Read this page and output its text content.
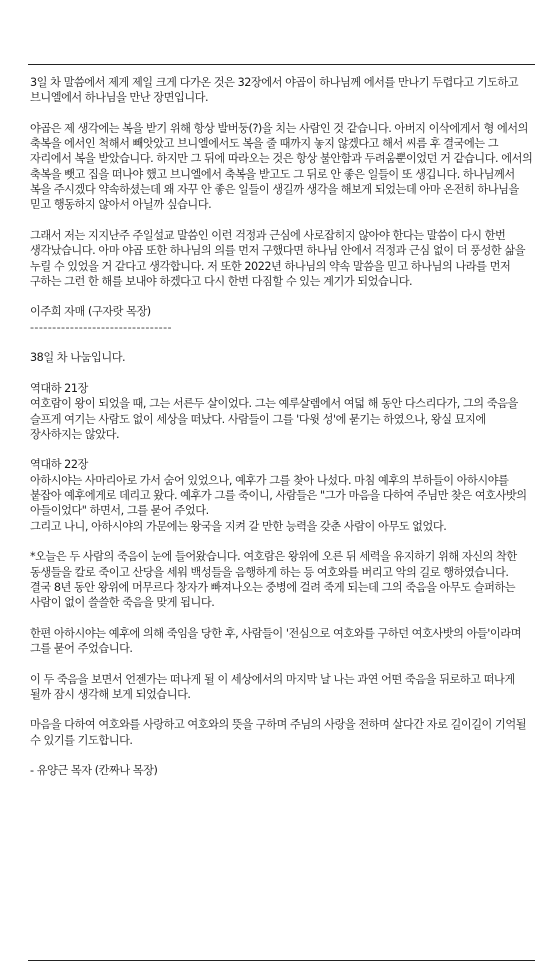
3일 차 말씀에서 제게 제일 크게 다가온 것은 32장에서 야곱이 하나님께 에서를 만나기 두렵다고 기도하고 브니엘에서 하나님을 만난 장면입니다.

야곱은 제 생각에는 복을 받기 위해 항상 발버둥(?)을 치는 사람인 것 같습니다. 아버지 이삭에게서 형 에서의 축복을 에서인 척해서 빼앗았고 브니엘에서도 복을 줄 때까지 놓지 않겠다고 해서 씨름 후 결국에는 그 자리에서 복을 받았습니다. 하지만 그 뒤에 따라오는 것은 항상 불안함과 두려움뿐이었던 거 같습니다. 에서의 축복을 뺏고 집을 떠나야 했고 브니엘에서 축복을 받고도 그 뒤로 안 좋은 일들이 또 생깁니다. 하나님께서 복을 주시겠다 약속하셨는데 왜 자꾸 안 좋은 일들이 생길까 생각을 해보게 되었는데 아마 온전히 하나님을 믿고 행동하지 않아서 아닐까 싶습니다.

그래서 저는 지지난주 주일설교 말씀인 이런 걱정과 근심에 사로잡히지 않아야 한다는 말씀이 다시 한번 생각났습니다. 아마 야곱 또한 하나님의 의를 먼저 구했다면 하나님 안에서 걱정과 근심 없이 더 풍성한 삶을 누릴 수 있었을 거 같다고 생각합니다. 저 또한 2022년 하나님의 약속 말씀을 믿고 하나님의 나라를 먼저 구하는 그런 한 해를 보내야 하겠다고 다시 한번 다짐할 수 있는 계기가 되었습니다.

이주희 자매 (구자랏 목장)

--------------------------------

38일 차 나눔입니다.

역대하 21장

여호람이 왕이 되었을 때, 그는 서른두 살이었다. 그는 예루살렘에서 여덟 해 동안 다스리다가, 그의 죽음을 슬프게 여기는 사람도 없이 세상을 떠났다. 사람들이 그를 '다윗 성'에 묻기는 하였으나, 왕실 묘지에 장사하지는 않았다.

역대하 22장

아하시야는 사마리아로 가서 숨어 있었으나, 예후가 그를 찾아 나섰다. 마침 예후의 부하들이 아하시야를 붙잡아 예후에게로 데리고 왔다. 예후가 그를 죽이니, 사람들은 "그가 마음을 다하여 주님만 찾은 여호사밧의 아들이었다" 하면서, 그를 묻어 주었다.

그리고 나니, 아하시야의 가문에는 왕국을 지켜 갈 만한 능력을 갖춘 사람이 아무도 없었다.

*오늘은 두 사람의 죽음이 눈에 들어왔습니다. 여호람은 왕위에 오른 뒤 세력을 유지하기 위해 자신의 착한 동생들을 칼로 죽이고 산당을 세워 백성들을 음행하게 하는 등 여호와를 버리고 악의 길로 행하였습니다.

결국 8년 동안 왕위에 머무르다 창자가 빠져나오는 중병에 걸려 죽게 되는데 그의 죽음을 아무도 슬퍼하는 사람이 없이 쓸쓸한 죽음을 맞게 됩니다.

한편 아하시야는 예후에 의해 죽임을 당한 후, 사람들이 '전심으로 여호와를 구하던 여호사밧의 아들'이라며 그를 묻어 주었습니다.

이 두 죽음을 보면서 언젠가는 떠나게 될 이 세상에서의 마지막 날 나는 과연 어떤 죽음을 뒤로하고 떠나게 될까 잠시 생각해 보게 되었습니다.

마음을 다하여 여호와를 사랑하고 여호와의 뜻을 구하며 주님의 사랑을 전하며 살다간 자로 길이길이 기억될 수 있기를 기도합니다.

- 유양근 목자 (칸짜나 목장)
